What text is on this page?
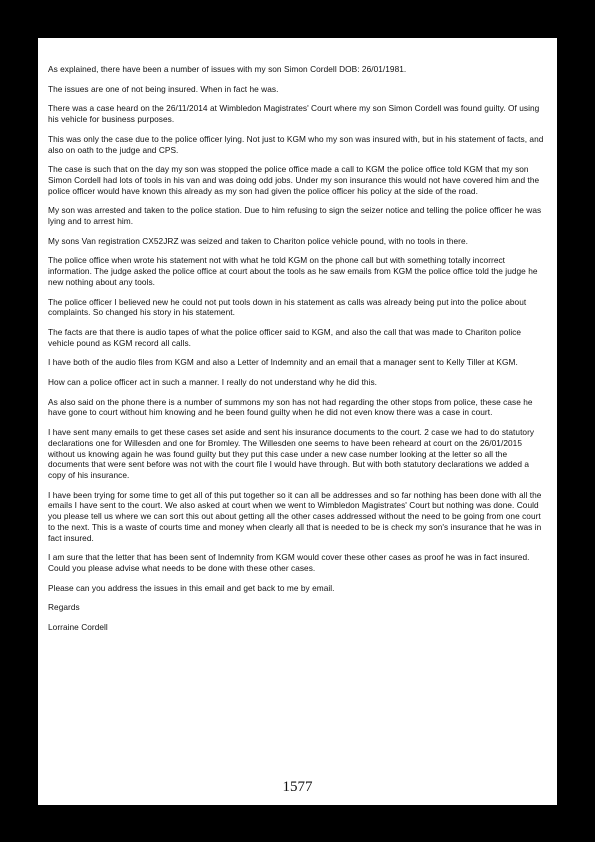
As explained, there have been a number of issues with my son Simon Cordell DOB: 26/01/1981.

The issues are one of not being insured. When in fact he was.

There was a case heard on the 26/11/2014 at Wimbledon Magistrates' Court where my son Simon Cordell was found guilty. Of using his vehicle for business purposes.

This was only the case due to the police officer lying. Not just to KGM who my son was insured with, but in his statement of facts, and also on oath to the judge and CPS.

The case is such that on the day my son was stopped the police office made a call to KGM the police office told KGM that my son Simon Cordell had lots of tools in his van and was doing odd jobs. Under my son insurance this would not have covered him and the police officer would have known this already as my son had given the police officer his policy at the side of the road.

My son was arrested and taken to the police station. Due to him refusing to sign the seizer notice and telling the police officer he was lying and to arrest him.

My sons Van registration CX52JRZ was seized and taken to Chariton police vehicle pound, with no tools in there.

The police office when wrote his statement not with what he told KGM on the phone call but with something totally incorrect information. The judge asked the police office at court about the tools as he saw emails from KGM the police office told the judge he new nothing about any tools.

The police officer I believed new he could not put tools down in his statement as calls was already being put into the police about complaints. So changed his story in his statement.

The facts are that there is audio tapes of what the police officer said to KGM, and also the call that was made to Chariton police vehicle pound as KGM record all calls.

I have both of the audio files from KGM and also a Letter of Indemnity and an email that a manager sent to Kelly Tiller at KGM.

How can a police officer act in such a manner. I really do not understand why he did this.

As also said on the phone there is a number of summons my son has not had regarding the other stops from police, these case he have gone to court without him knowing and he been found guilty when he did not even know there was a case in court.

I have sent many emails to get these cases set aside and sent his insurance documents to the court. 2 case we had to do statutory declarations one for Willesden and one for Bromley. The Willesden one seems to have been reheard at court on the 26/01/2015 without us knowing again he was found guilty but they put this case under a new case number looking at the letter so all the documents that were sent before was not with the court file I would have through. But with both statutory declarations we added a copy of his insurance.

I have been trying for some time to get all of this put together so it can all be addresses and so far nothing has been done with all the emails I have sent to the court. We also asked at court when we went to Wimbledon Magistrates' Court but nothing was done. Could you please tell us where we can sort this out about getting all the other cases addressed without the need to be going from one court to the next. This is a waste of courts time and money when clearly all that is needed to be is check my son's insurance that he was in fact insured.

I am sure that the letter that has been sent of Indemnity from KGM would cover these other cases as proof he was in fact insured. Could you please advise what needs to be done with these other cases.

Please can you address the issues in this email and get back to me by email.

Regards

Lorraine Cordell

1577
